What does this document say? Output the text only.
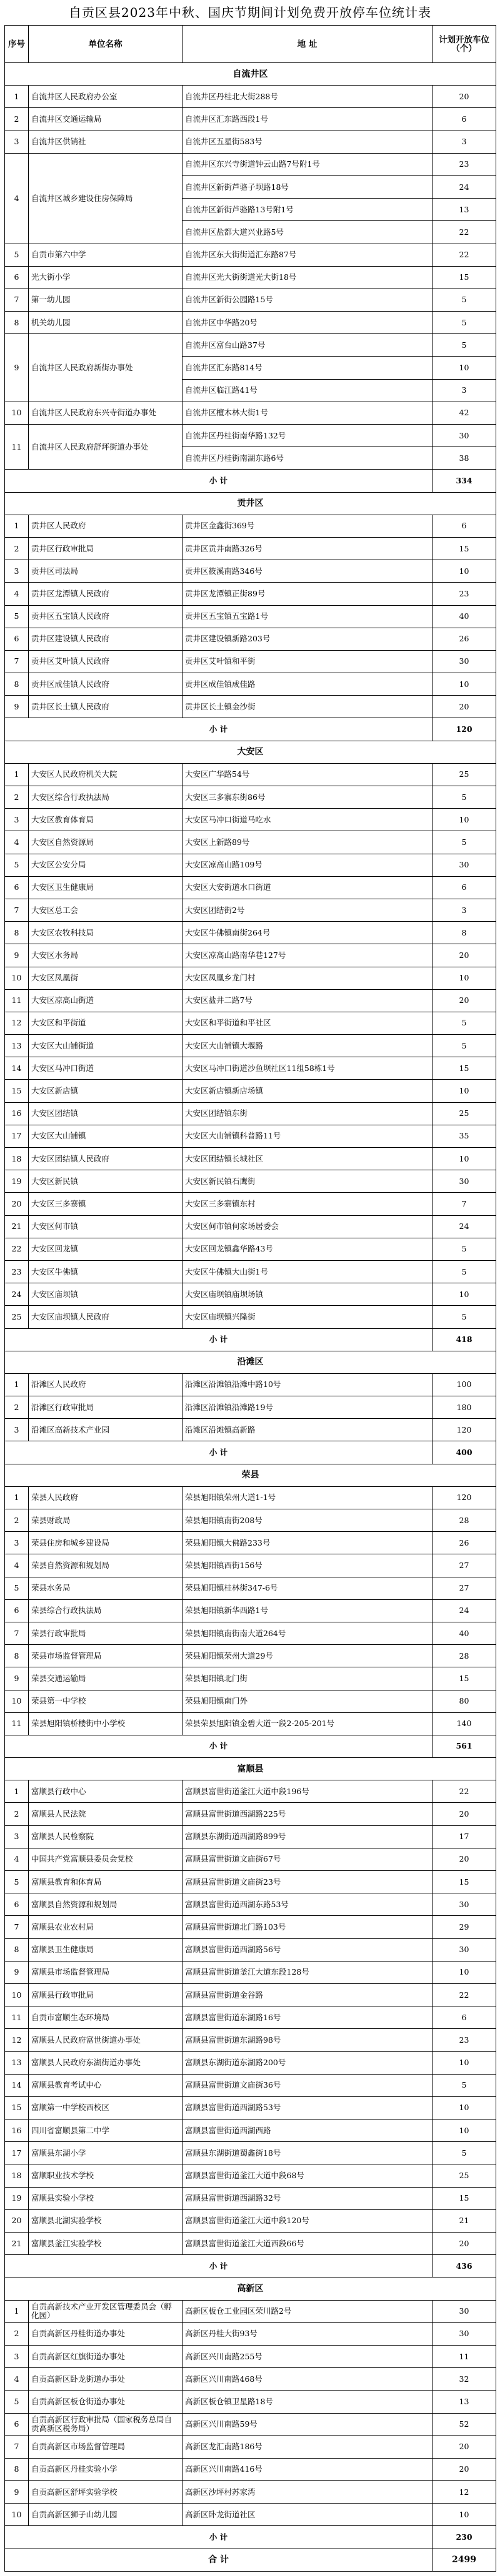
自贡区县2023年中秋、国庆节期间计划免费开放停车位统计表
序号	单位名称	地 址	计划开放车位（个）
自流井区			
1	自流井区人民政府办公室	自流井区丹桂北大街288号	20
2	自流井区交通运输局	自流井区汇东路西段1号	6
3	自流井区供销社	自流井区五星街583号	3
4	自流井区城乡建设住房保障局	自流井区东兴寺街道钟云山路7号附1号	23
		自流井区新街芦骆子坝路18号	24
		自流井区新街芦骆路13号附1号	13
		自流井区盐都大道兴业路5号	22
5	自贡市第六中学	自流井区东大街街道汇东路87号	22
6	光大街小学	自流井区光大街街道光大街18号	15
7	第一幼儿园	自流井区新街公园路15号	5
8	机关幼儿园	自流井区中华路20号	5
9	自流井区人民政府新街办事处	自流井区富台山路37号	5
		自流井区汇东路814号	10
		自流井区临江路41号	3
10	自流井区人民政府东兴寺街道办事处	自流井区檀木林大街1号	42
11	自流井区人民政府舒坪街道办事处	自流井区丹桂街南华路132号	30
		自流井区丹桂街南湖东路6号	38
小 计			334
贡井区			
1	贡井区人民政府	贡井区金鑫街369号	6
2	贡井区行政审批局	贡井区贡井南路326号	15
3	贡井区司法局	贡井区筱溪南路346号	10
4	贡井区龙潭镇人民政府	贡井区龙潭镇正街89号	23
5	贡井区五宝镇人民政府	贡井区五宝镇五宝路1号	40
6	贡井区建设镇人民政府	贡井区建设镇新路203号	26
7	贡井区艾叶镇人民政府	贡井区艾叶镇和平街	30
8	贡井区成佳镇人民政府	贡井区成佳镇成佳路	10
9	贡井区长土镇人民政府	贡井区长土镇金沙街	20
小 计			120
大安区			
1	大安区人民政府机关大院	大安区广华路54号	25
2	大安区综合行政执法局	大安区三多寨东街86号	5
3	大安区教育体育局	大安区马冲口街道马吃水	10
4	大安区自然资源局	大安区上新路89号	5
5	大安区公安分局	大安区凉高山路109号	30
6	大安区卫生健康局	大安区大安街道水口街道	6
7	大安区总工会	大安区团结街2号	3
8	大安区农牧科技局	大安区牛佛镇南街264号	8
9	大安区水务局	大安区凉高山路南华巷127号	20
10	大安区凤凰街	大安区凤凰乡龙门村	10
11	大安区凉高山街道	大安区盐井二路7号	20
12	大安区和平街道	大安区和平街道和平社区	5
13	大安区大山铺街道	大安区大山铺镇大堰路	5
14	大安区马冲口街道	大安区马冲口街道沙鱼坝社区11组58栋1号	15
15	大安区新店镇	大安区新店镇新店场镇	10
16	大安区团结镇	大安区团结镇东街	25
17	大安区大山铺镇	大安区大山铺镇科普路11号	35
18	大安区团结镇人民政府	大安区团结镇长城社区	10
19	大安区新民镇	大安区新民镇石鹰街	30
20	大安区三多寨镇	大安区三多寨镇东村	7
21	大安区何市镇	大安区何市镇何家场居委会	24
22	大安区回龙镇	大安区回龙镇鑫华路43号	5
23	大安区牛佛镇	大安区牛佛镇大山街1号	5
24	大安区庙坝镇	大安区庙坝镇庙坝场镇	10
25	大安区庙坝镇人民政府	大安区庙坝镇兴隆街	5
小 计			418
沿滩区			
1	沿滩区人民政府	沿滩区沿滩镇沿滩中路10号	100
2	沿滩区行政审批局	沿滩区沿滩镇沿滩路19号	180
3	沿滩区高新技术产业园	沿滩区沿滩镇高新路	120
小 计			400
荣县			
1	荣县人民政府	荣县旭阳镇荣州大道1-1号	120
2	荣县财政局	荣县旭阳镇南街208号	28
3	荣县住房和城乡建设局	荣县旭阳镇大佛路233号	26
4	荣县自然资源和规划局	荣县旭阳镇西街156号	27
5	荣县水务局	荣县旭阳镇桂林街347-6号	27
6	荣县综合行政执法局	荣县旭阳镇新华西路1号	24
7	荣县行政审批局	荣县旭阳镇南街南大道264号	40
8	荣县市场监督管理局	荣县旭阳镇荣州大道29号	28
9	荣县交通运输局	荣县旭阳镇北门街	15
10	荣县第一中学校	荣县旭阳镇南门外	80
11	荣县旭阳镇桥楼街中小学校	荣县荣县旭阳镇金碧大道一段2-205-201号	140
小 计			561
富顺县			
1	富顺县行政中心	富顺县富世街道釜江大道中段196号	22
2	富顺县人民法院	富顺县富世街道西湖路225号	20
3	富顺县人民检察院	富顺县东湖街道西湖路899号	17
4	中国共产党富顺县委员会党校	富顺县富世街道文庙街67号	20
5	富顺县教育和体育局	富顺县富世街道文庙街23号	15
6	富顺县自然资源和规划局	富顺县富世街道西湖东路53号	30
7	富顺县农业农村局	富顺县富世街道北门路103号	29
8	富顺县卫生健康局	富顺县富世街道西湖路56号	30
9	富顺县市场监督管理局	富顺县富世街道釜江大道东段128号	10
10	富顺县行政审批局	富顺县富世街道金谷路	22
11	自贡市富顺生态环境局	富顺县富世街道东湖路16号	6
12	富顺县人民政府富世街道办事处	富顺县富世街道东湖路98号	23
13	富顺县人民政府东湖街道办事处	富顺县东湖街道东湖路200号	10
14	富顺县教育考试中心	富顺县富世街道文庙街36号	5
15	富顺第一中学校西校区	富顺县富世街道西湖路53号	10
16	四川省富顺县第二中学	富顺县富世街道西湖西路	10
17	富顺县东湖小学	富顺县东湖街道蜀鑫街18号	5
18	富顺职业技术学校	富顺县富世街道釜江大道中段68号	25
19	富顺县实验小学校	富顺县富世街道西湖路32号	15
20	富顺县北湖实验学校	富顺县富世街道釜江大道中段120号	21
21	富顺县釜江实验学校	富顺县富世街道釜江大道西段66号	20
小 计			436
高新区			
1	自贡高新技术产业开发区管理委员会（孵化园）	高新区板仓工业园区荣川路2号	30
2	自贡高新区丹桂街道办事处	高新区丹桂大街93号	30
3	自贡高新区红旗街道办事处	高新区兴川南路255号	11
4	自贡高新区卧龙街道办事处	高新区兴川南路468号	32
5	自贡高新区板仓街道办事处	高新区板仓镇卫星路18号	13
6	自贡高新区行政审批局（国家税务总局自贡高新区税务局）	高新区兴川南路59号	52
7	自贡高新区市场监督管理局	高新区龙汇南路186号	20
8	自贡高新区丹桂实验小学	高新区兴川南路416号	20
9	自贡高新区舒坪实验学校	高新区沙坪村苏家湾	12
10	自贡高新区狮子山幼儿园	高新区卧龙街道社区	10
小 计			230
合 计			2499
